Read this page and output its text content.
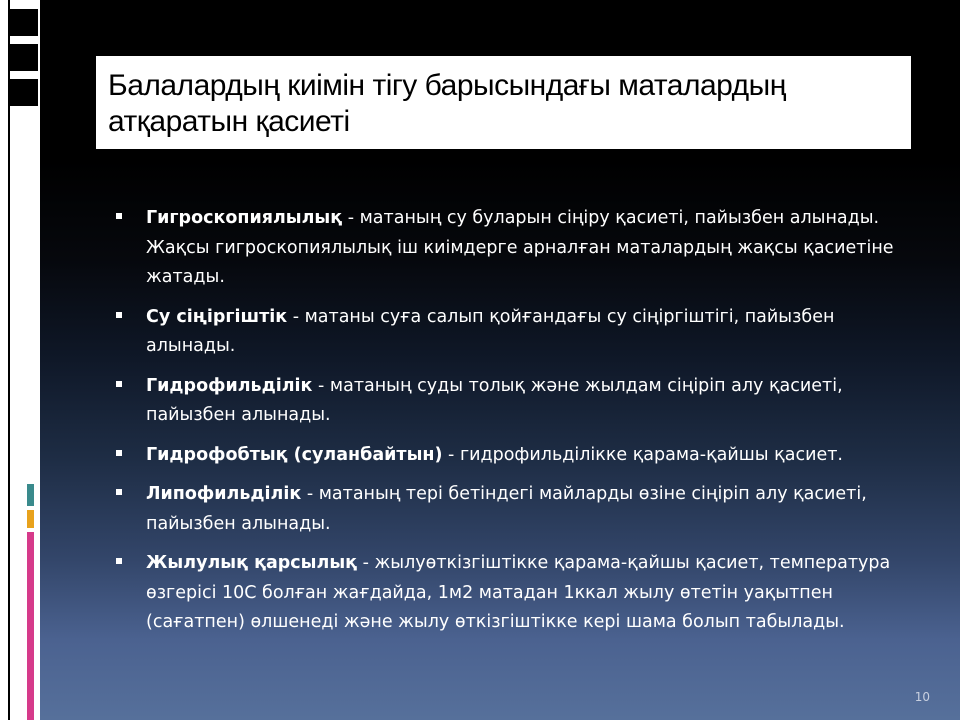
Балалардың киімін тігу барысындағы маталардың атқаратын қасиеті
Гигроскопиялылық - матаның су буларын сіңіру қасиеті, пайызбен алынады. Жақсы гигроскопиялылық іш киімдерге арналған маталардың жақсы қасиетіне жатады.
Су сіңіргіштік - матаны суға салып қойғандағы су сіңіргіштігі, пайызбен алынады.
Гидрофильділік - матаның суды толық және жылдам сіңіріп алу қасиеті, пайызбен алынады.
Гидрофобтық (суланбайтын) - гидрофильділікке қарама-қайшы қасиет.
Липофильділік - матаның тері бетіндегі майларды өзіне сіңіріп алу қасиеті, пайызбен алынады.
Жылулық қарсылық - жылуөткізгіштікке қарама-қайшы қасиет, температура өзгерісі 10С болған жағдайда, 1м2 матадан 1ккал жылу өтетін уақытпен (сағатпен) өлшенеді және жылу өткізгіштікке кері шама болып табылады.
10
